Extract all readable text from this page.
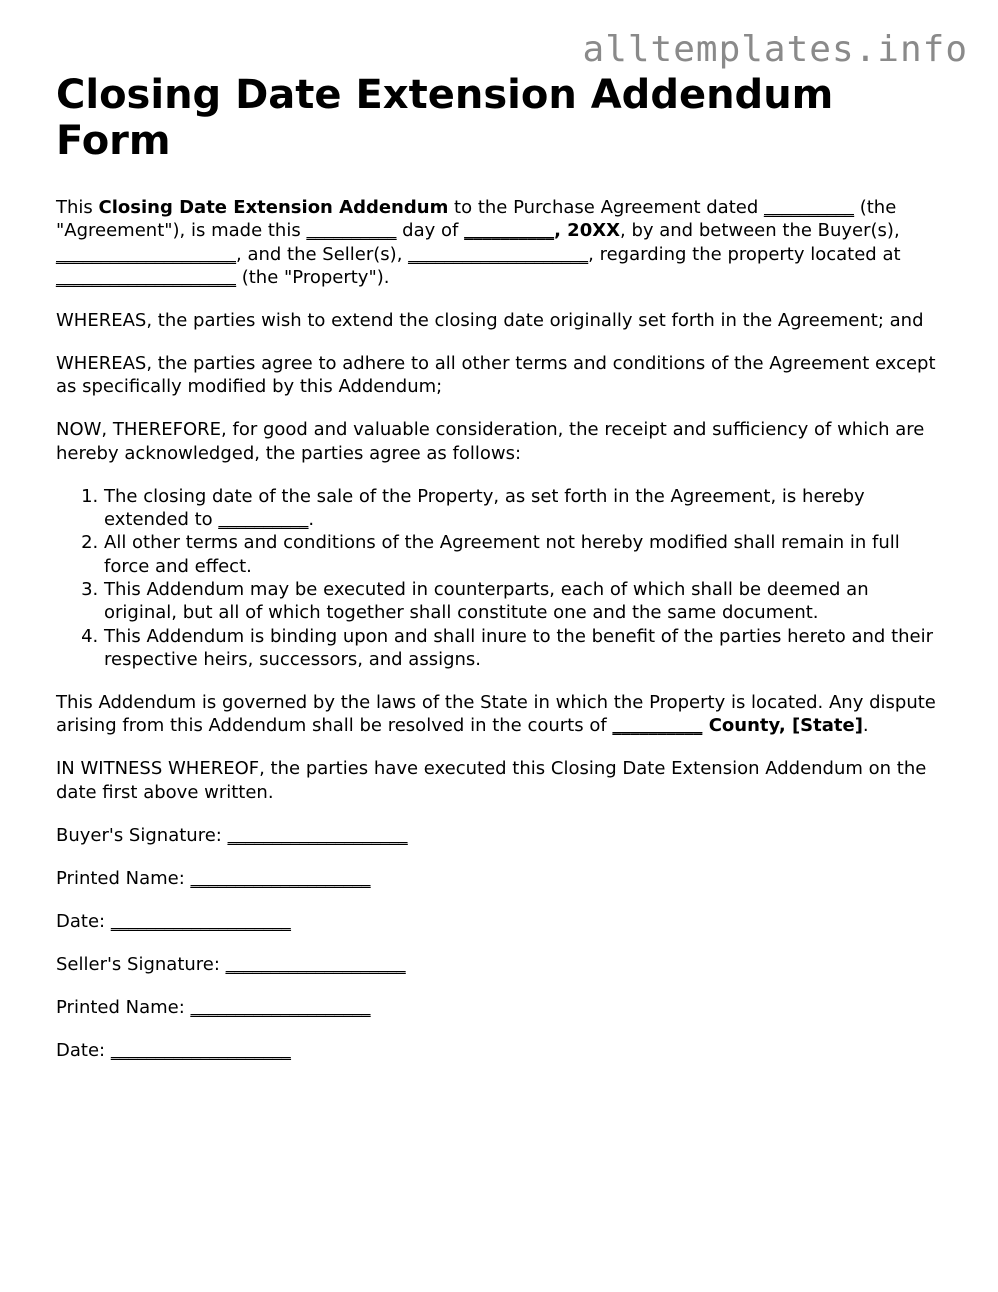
alltemplates.info
Closing Date Extension Addendum Form

This Closing Date Extension Addendum to the Purchase Agreement dated __________ (the "Agreement"), is made this __________ day of __________, 20XX, by and between the Buyer(s), ____________________, and the Seller(s), ____________________, regarding the property located at ____________________ (the "Property").

WHEREAS, the parties wish to extend the closing date originally set forth in the Agreement; and

WHEREAS, the parties agree to adhere to all other terms and conditions of the Agreement except as specifically modified by this Addendum;

NOW, THEREFORE, for good and valuable consideration, the receipt and sufficiency of which are hereby acknowledged, the parties agree as follows:

1. The closing date of the sale of the Property, as set forth in the Agreement, is hereby extended to __________.
2. All other terms and conditions of the Agreement not hereby modified shall remain in full force and effect.
3. This Addendum may be executed in counterparts, each of which shall be deemed an original, but all of which together shall constitute one and the same document.
4. This Addendum is binding upon and shall inure to the benefit of the parties hereto and their respective heirs, successors, and assigns.

This Addendum is governed by the laws of the State in which the Property is located. Any dispute arising from this Addendum shall be resolved in the courts of __________ County, [State].

IN WITNESS WHEREOF, the parties have executed this Closing Date Extension Addendum on the date first above written.

Buyer's Signature: ____________________

Printed Name: ____________________

Date: ____________________

Seller's Signature: ____________________

Printed Name: ____________________

Date: ____________________
